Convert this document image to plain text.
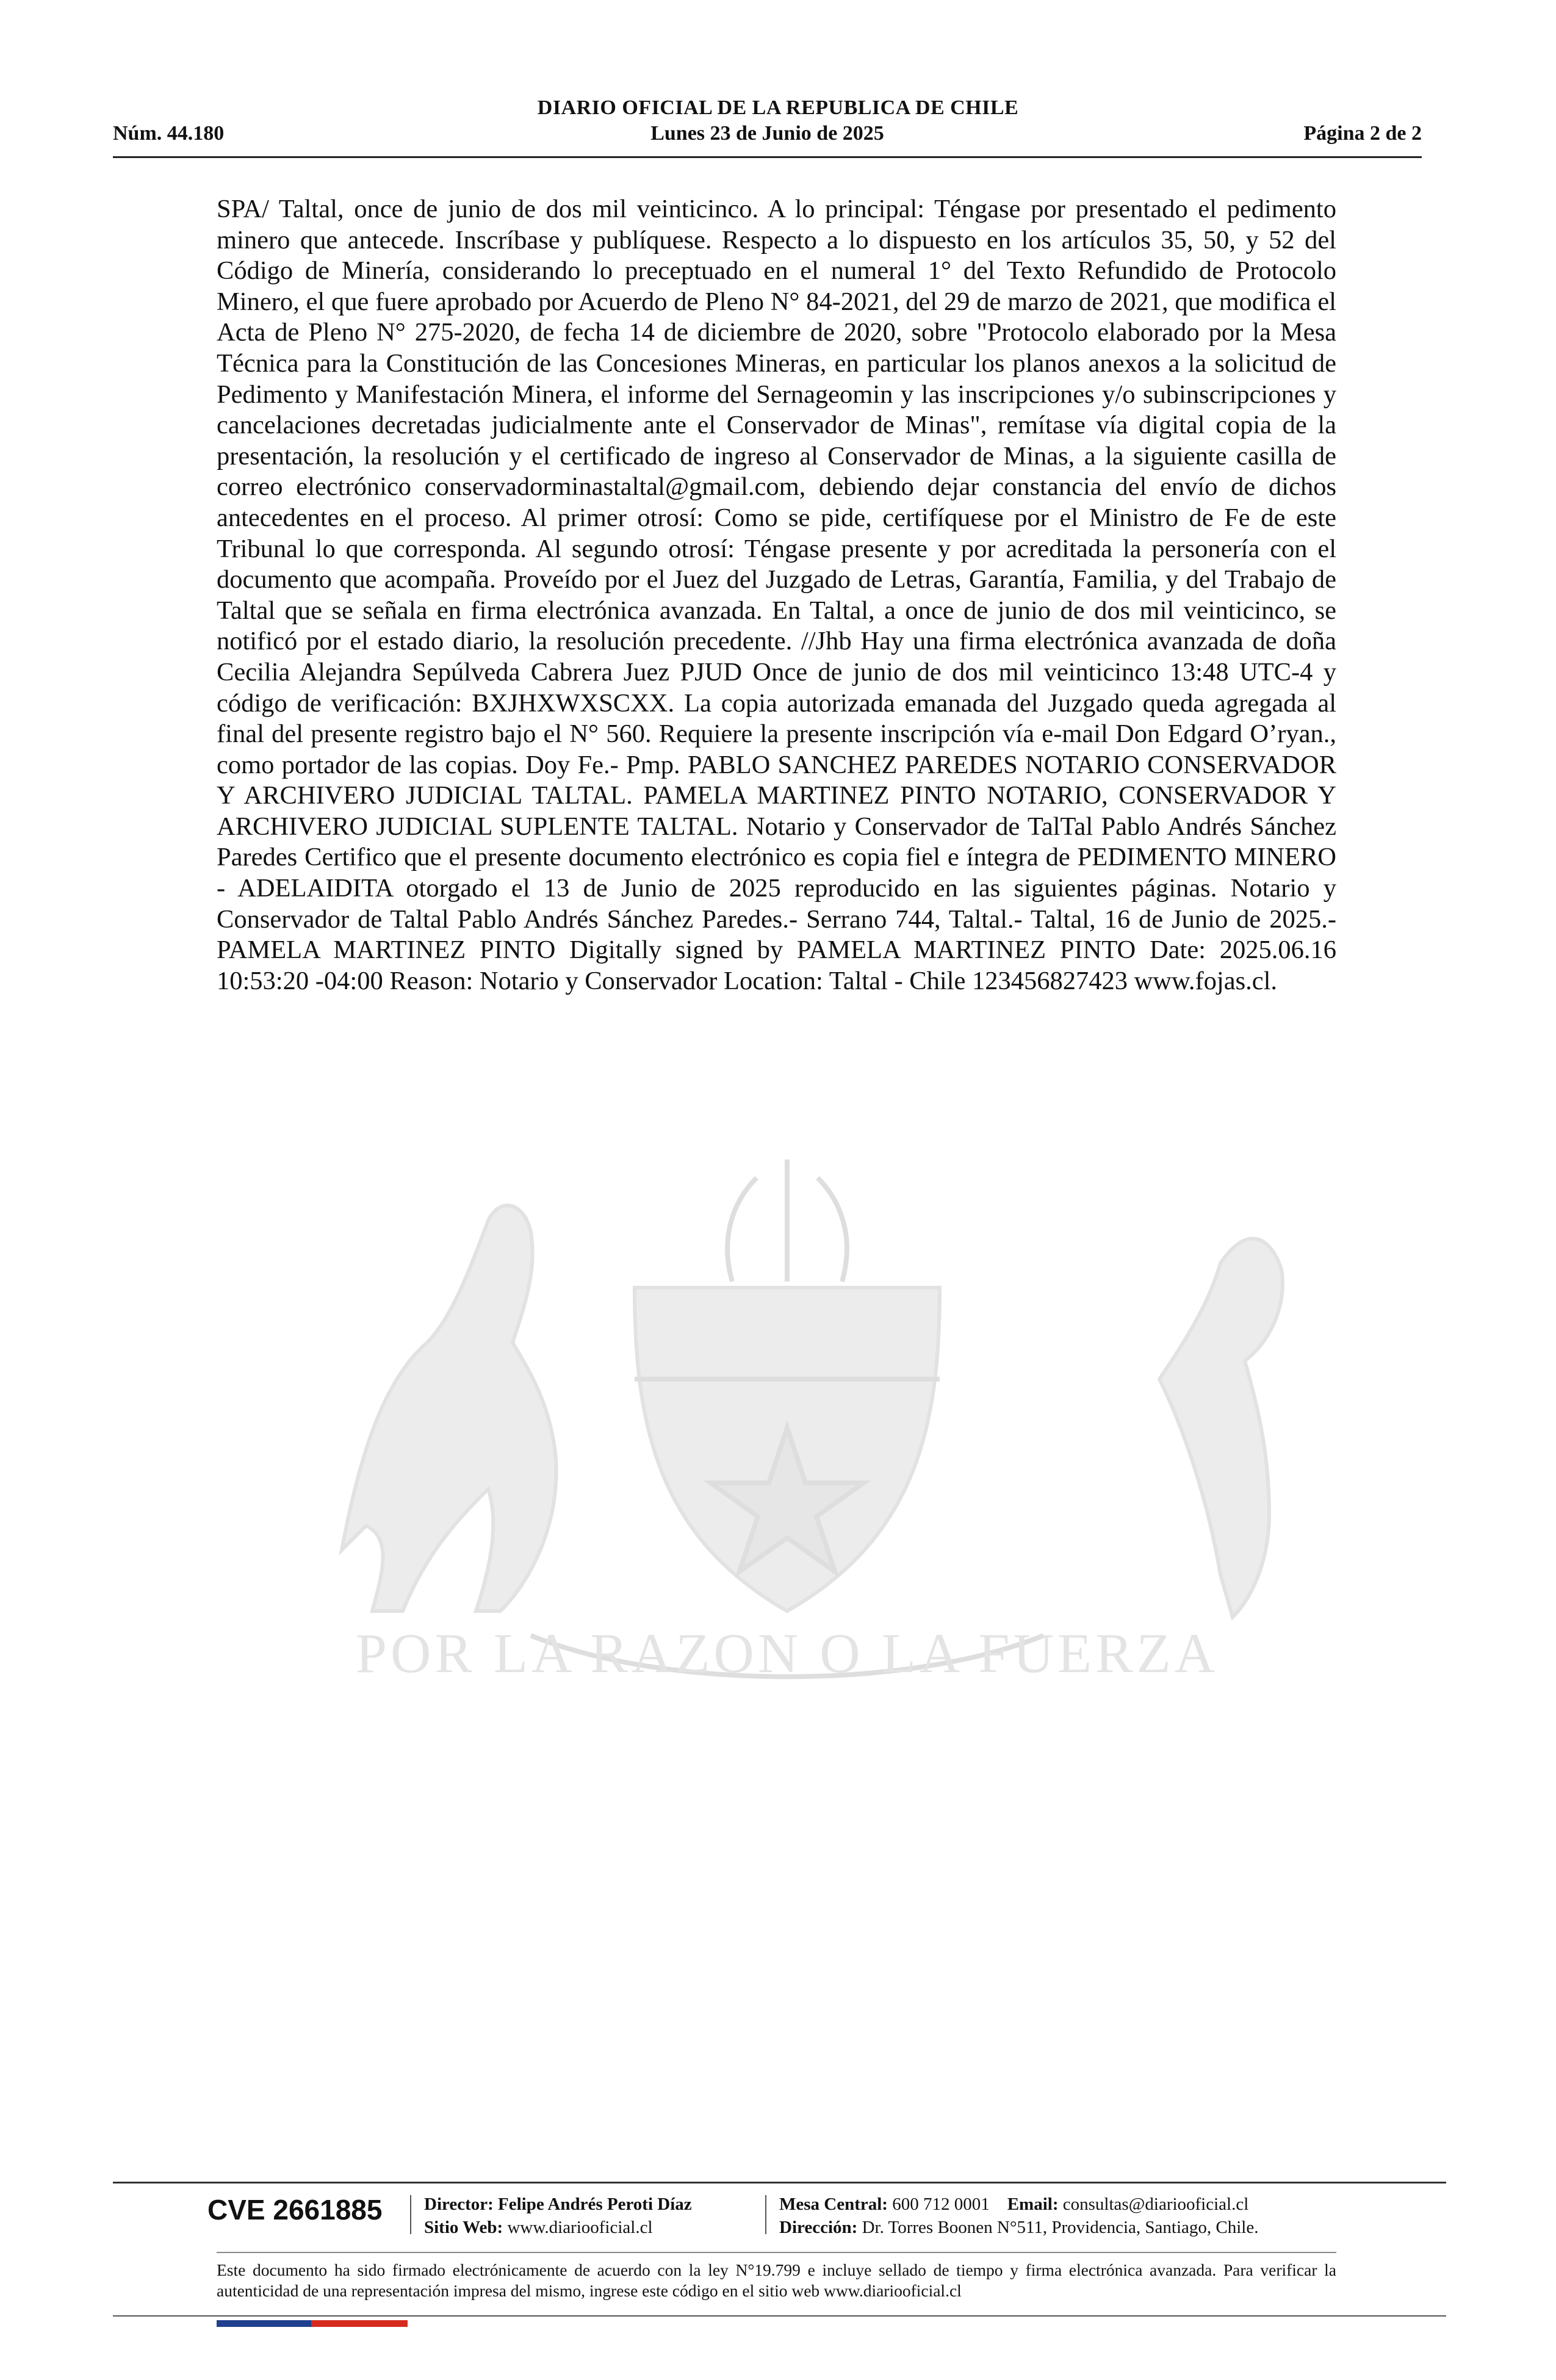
POR LA RAZON O LA FUERZA
DIARIO OFICIAL DE LA REPUBLICA DE CHILE
Núm. 44.180	Lunes 23 de Junio de 2025	Página 2 de 2
SPA/ Taltal, once de junio de dos mil veinticinco. A lo principal: Téngase por presentado el pedimento minero que antecede. Inscríbase y publíquese. Respecto a lo dispuesto en los artículos 35, 50, y 52 del Código de Minería, considerando lo preceptuado en el numeral 1° del Texto Refundido de Protocolo Minero, el que fuere aprobado por Acuerdo de Pleno N° 84-2021, del 29 de marzo de 2021, que modifica el Acta de Pleno N° 275-2020, de fecha 14 de diciembre de 2020, sobre "Protocolo elaborado por la Mesa Técnica para la Constitución de las Concesiones Mineras, en particular los planos anexos a la solicitud de Pedimento y Manifestación Minera, el informe del Sernageomin y las inscripciones y/o subinscripciones y cancelaciones decretadas judicialmente ante el Conservador de Minas", remítase vía digital copia de la presentación, la resolución y el certificado de ingreso al Conservador de Minas, a la siguiente casilla de correo electrónico conservadorminastaltal@gmail.com, debiendo dejar constancia del envío de dichos antecedentes en el proceso. Al primer otrosí: Como se pide, certifíquese por el Ministro de Fe de este Tribunal lo que corresponda. Al segundo otrosí: Téngase presente y por acreditada la personería con el documento que acompaña. Proveído por el Juez del Juzgado de Letras, Garantía, Familia, y del Trabajo de Taltal que se señala en firma electrónica avanzada. En Taltal, a once de junio de dos mil veinticinco, se notificó por el estado diario, la resolución precedente. //Jhb Hay una firma electrónica avanzada de doña Cecilia Alejandra Sepúlveda Cabrera Juez PJUD Once de junio de dos mil veinticinco 13:48 UTC-4 y código de verificación: BXJHXWXSCXX. La copia autorizada emanada del Juzgado queda agregada al final del presente registro bajo el N° 560. Requiere la presente inscripción vía e-mail Don Edgard O’ryan., como portador de las copias. Doy Fe.- Pmp. PABLO SANCHEZ PAREDES NOTARIO CONSERVADOR Y ARCHIVERO JUDICIAL TALTAL. PAMELA MARTINEZ PINTO NOTARIO, CONSERVADOR Y ARCHIVERO JUDICIAL SUPLENTE TALTAL. Notario y Conservador de TalTal Pablo Andrés Sánchez Paredes Certifico que el presente documento electrónico es copia fiel e íntegra de PEDIMENTO MINERO - ADELAIDITA otorgado el 13 de Junio de 2025 reproducido en las siguientes páginas. Notario y Conservador de Taltal Pablo Andrés Sánchez Paredes.- Serrano 744, Taltal.- Taltal, 16 de Junio de 2025.- PAMELA MARTINEZ PINTO Digitally signed by PAMELA MARTINEZ PINTO Date: 2025.06.16 10:53:20 -04:00 Reason: Notario y Conservador Location: Taltal - Chile 123456827423 www.fojas.cl.
CVE 2661885 Director: Felipe Andrés Peroti Díaz
Sitio Web: www.diariooficial.cl
Mesa Central: 600 712 0001 Email: consultas@diariooficial.cl
Dirección: Dr. Torres Boonen N°511, Providencia, Santiago, Chile.
Este documento ha sido firmado electrónicamente de acuerdo con la ley N°19.799 e incluye sellado de tiempo y firma electrónica avanzada. Para verificar la autenticidad de una representación impresa del mismo, ingrese este código en el sitio web www.diariooficial.cl
